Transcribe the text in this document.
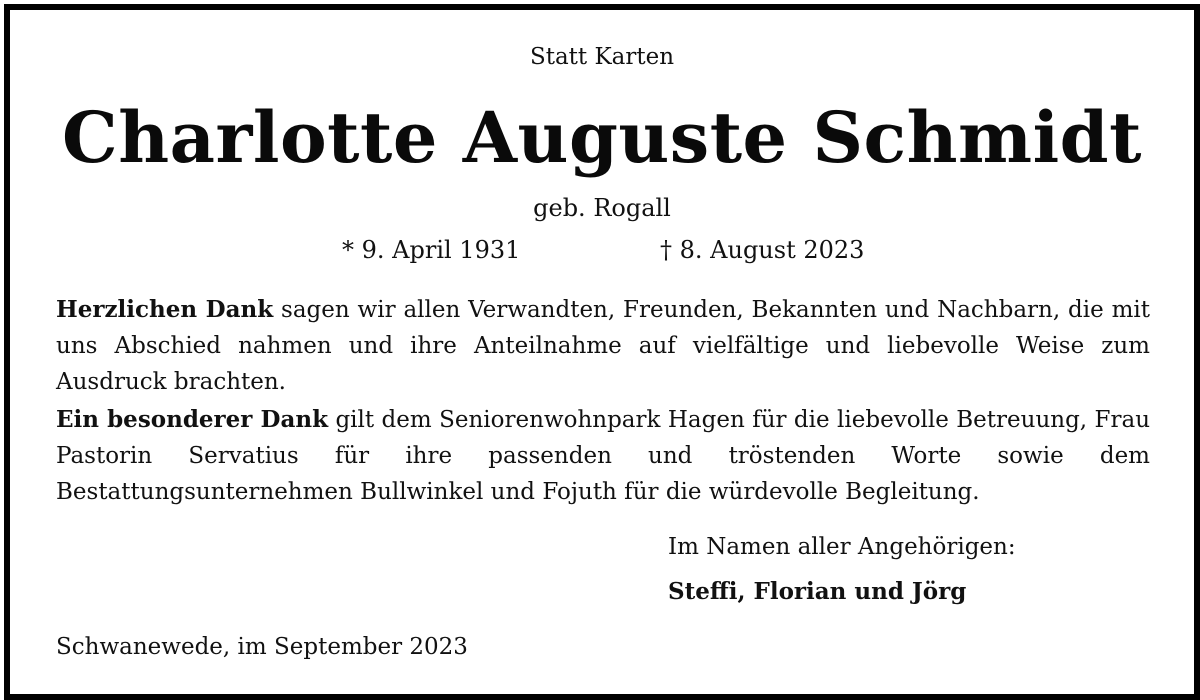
Statt Karten
Charlotte Auguste Schmidt
geb. Rogall
* 9. April 1931	† 8. August 2023
Herzlichen Dank sagen wir allen Verwandten, Freunden, Bekannten und Nachbarn, die mit uns Abschied nahmen und ihre Anteilnahme auf vielfältige und liebevolle Weise zum Ausdruck brachten.
Ein besonderer Dank gilt dem Seniorenwohnpark Hagen für die liebevolle Betreuung, Frau Pastorin Servatius für ihre passenden und tröstenden Worte sowie dem Bestattungsunternehmen Bullwinkel und Fojuth für die würdevolle Begleitung.
Im Namen aller Angehörigen:
Steffi, Florian und Jörg
Schwanewede, im September 2023
